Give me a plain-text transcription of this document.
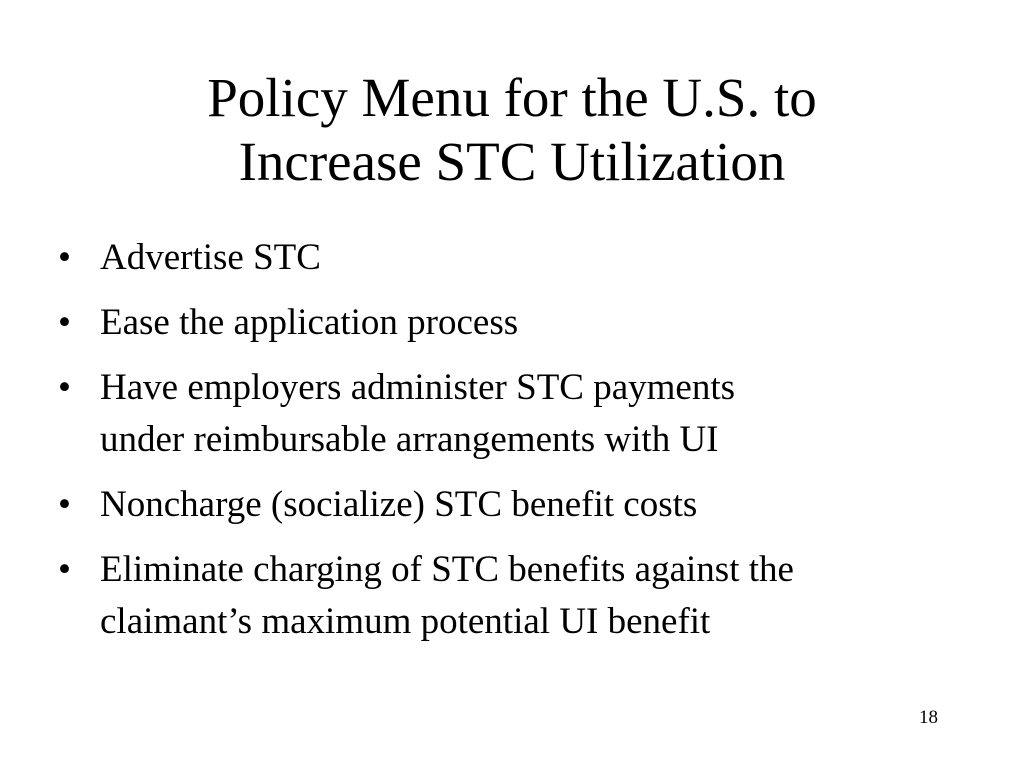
Policy Menu for the U.S. to
Increase STC Utilization
• Advertise STC
• Ease the application process
• Have employers administer STC payments
under reimbursable arrangements with UI
• Noncharge (socialize) STC benefit costs
• Eliminate charging of STC benefits against the
claimant’s maximum potential UI benefit
18
